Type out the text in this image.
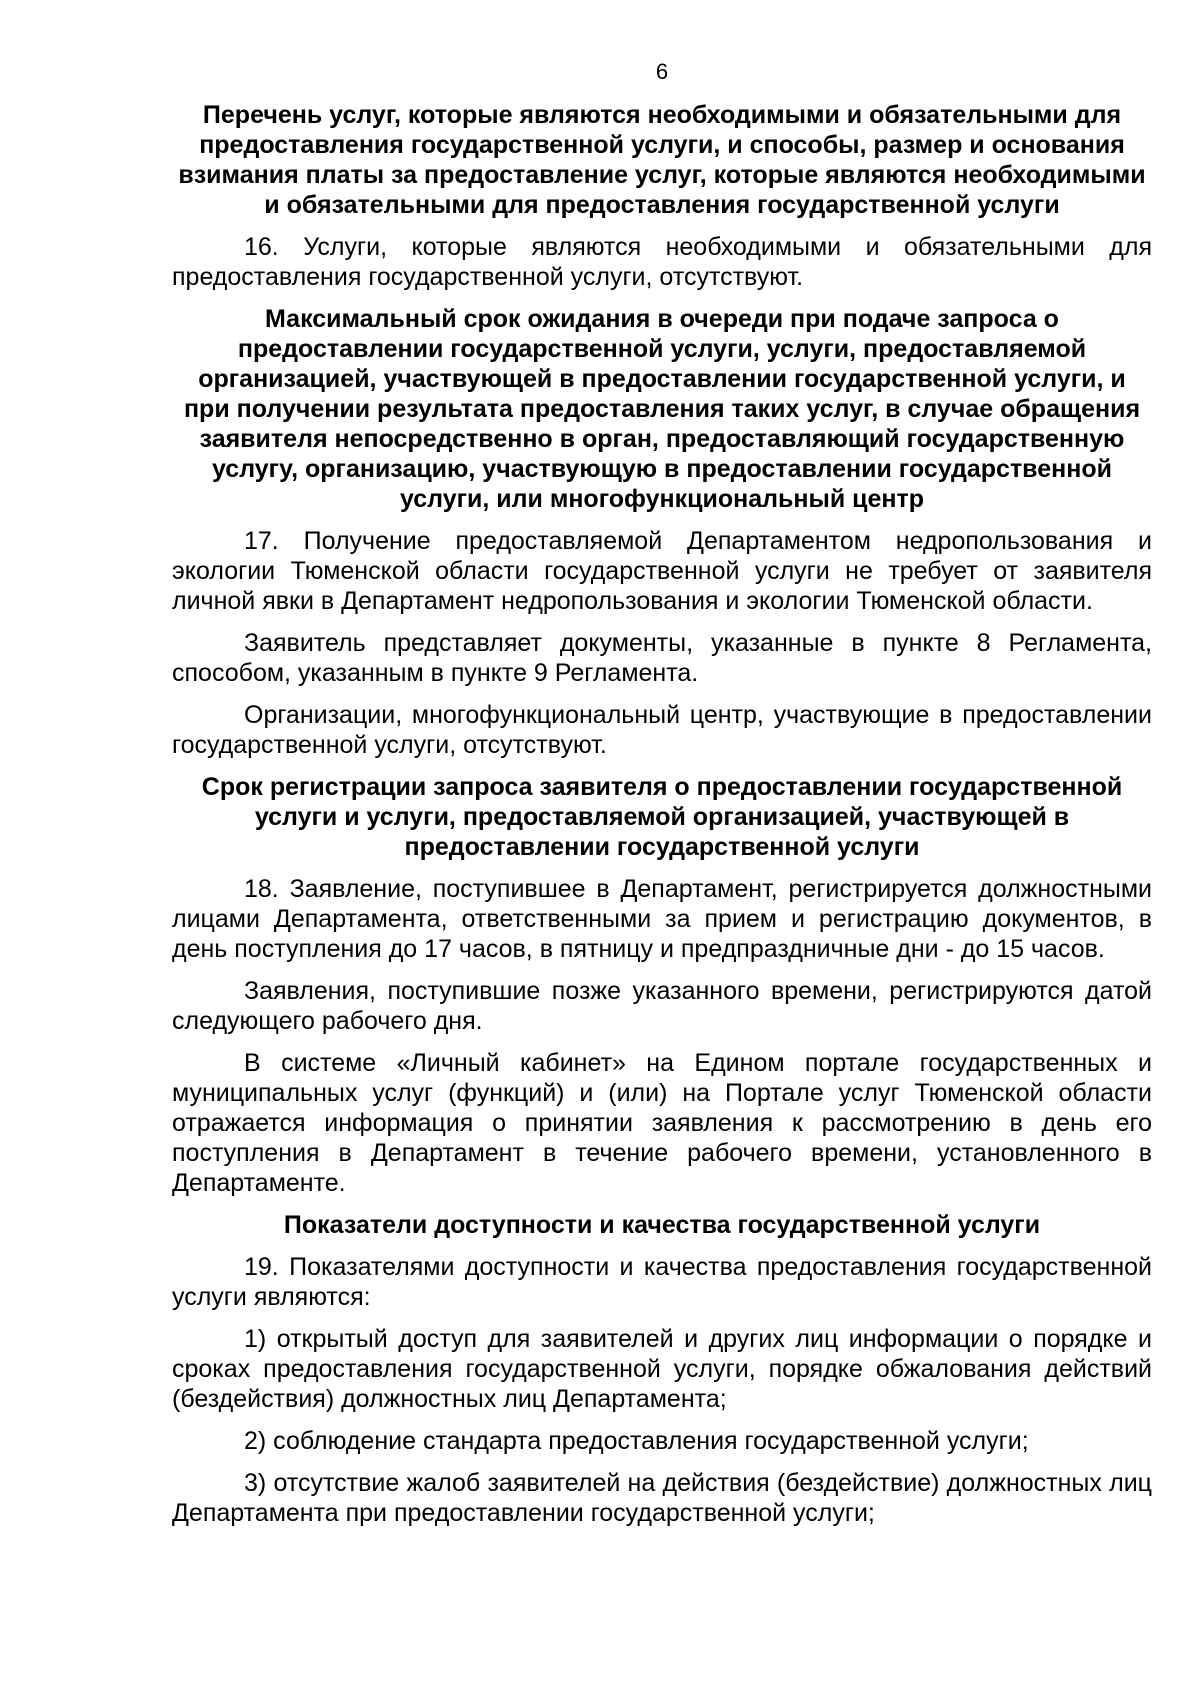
6
Перечень услуг, которые являются необходимыми и обязательными для предоставления государственной услуги, и способы, размер и основания взимания платы за предоставление услуг, которые являются необходимыми и обязательными для предоставления государственной услуги
16. Услуги, которые являются необходимыми и обязательными для предоставления государственной услуги, отсутствуют.
Максимальный срок ожидания в очереди при подаче запроса о предоставлении государственной услуги, услуги, предоставляемой организацией, участвующей в предоставлении государственной услуги, и при получении результата предоставления таких услуг, в случае обращения заявителя непосредственно в орган, предоставляющий государственную услугу, организацию, участвующую в предоставлении государственной услуги, или многофункциональный центр
17. Получение предоставляемой Департаментом недропользования и экологии Тюменской области государственной услуги не требует от заявителя личной явки в Департамент недропользования и экологии Тюменской области.
Заявитель представляет документы, указанные в пункте 8 Регламента, способом, указанным в пункте 9 Регламента.
Организации, многофункциональный центр, участвующие в предоставлении государственной услуги, отсутствуют.
Срок регистрации запроса заявителя о предоставлении государственной услуги и услуги, предоставляемой организацией, участвующей в предоставлении государственной услуги
18. Заявление, поступившее в Департамент, регистрируется должностными лицами Департамента, ответственными за прием и регистрацию документов, в день поступления до 17 часов, в пятницу и предпраздничные дни - до 15 часов.
Заявления, поступившие позже указанного времени, регистрируются датой следующего рабочего дня.
В системе «Личный кабинет» на Едином портале государственных и муниципальных услуг (функций) и (или) на Портале услуг Тюменской области отражается информация о принятии заявления к рассмотрению в день его поступления в Департамент в течение рабочего времени, установленного в Департаменте.
Показатели доступности и качества государственной услуги
19. Показателями доступности и качества предоставления государственной услуги являются:
1) открытый доступ для заявителей и других лиц информации о порядке и сроках предоставления государственной услуги, порядке обжалования действий (бездействия) должностных лиц Департамента;
2) соблюдение стандарта предоставления государственной услуги;
3) отсутствие жалоб заявителей на действия (бездействие) должностных лиц Департамента при предоставлении государственной услуги;
